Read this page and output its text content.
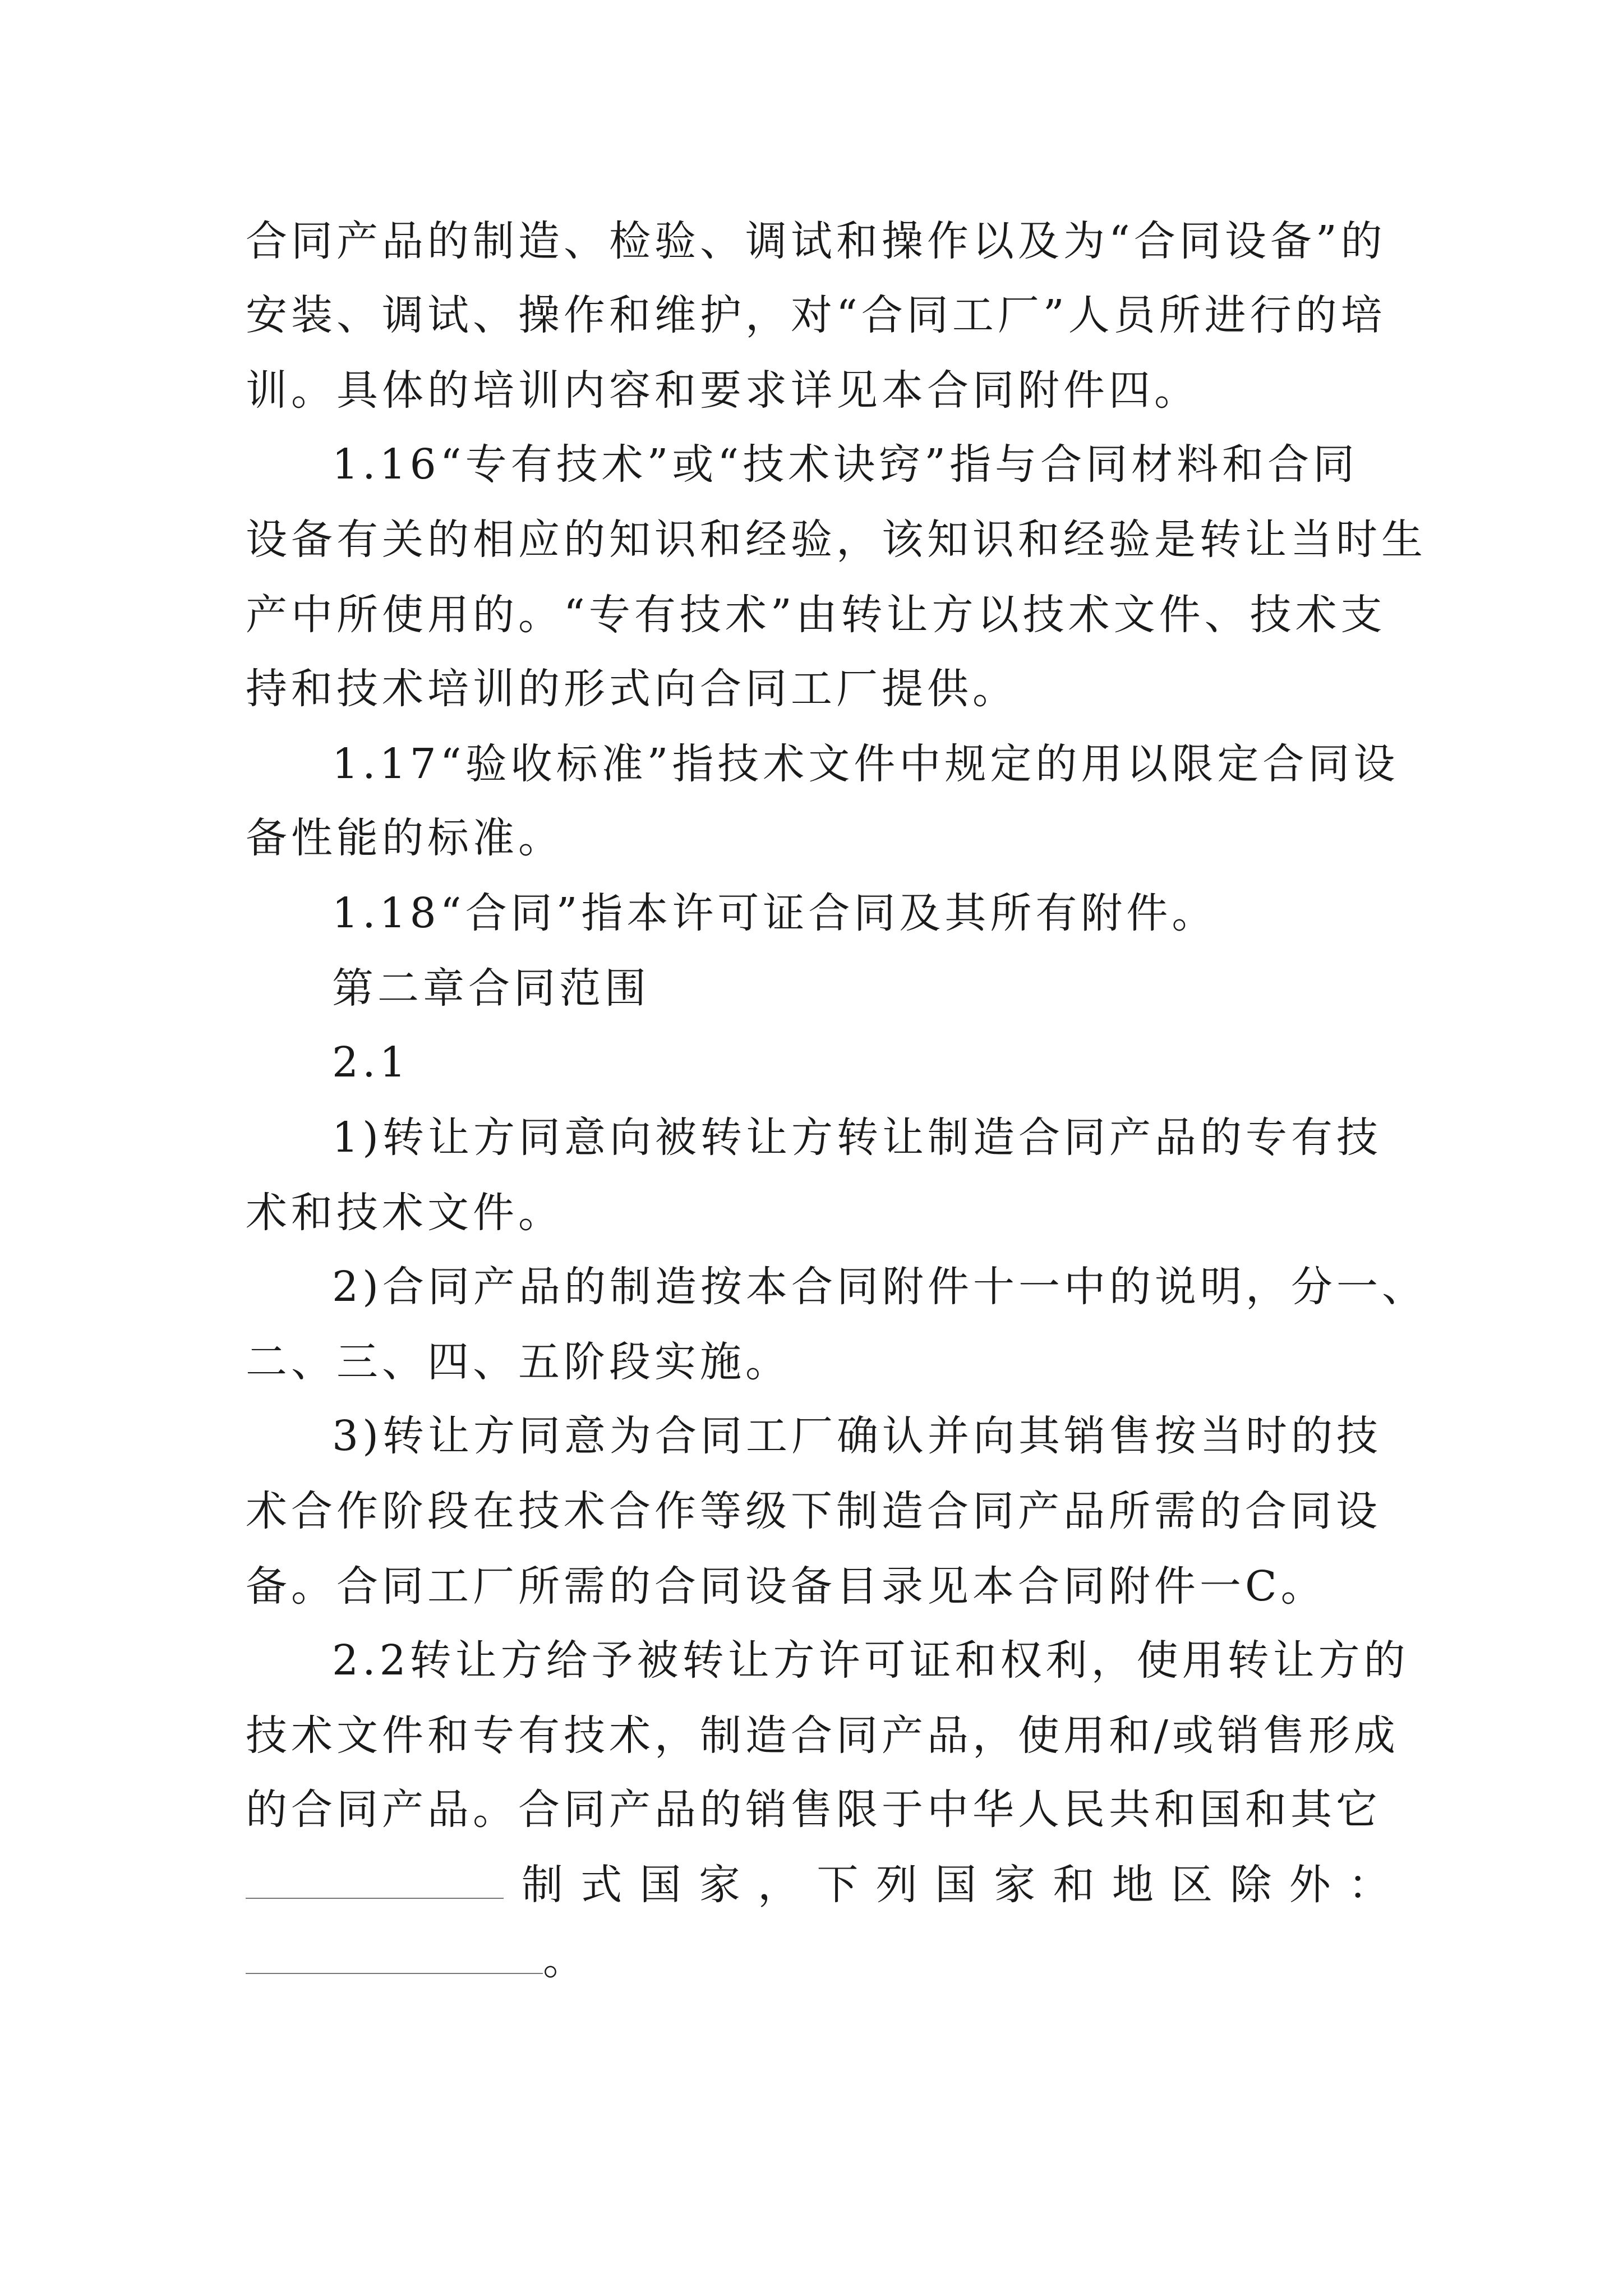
合同产品的制造、检验、调试和操作以及为“合同设备”的
安装、调试、操作和维护，对“合同工厂”人员所进行的培
训。具体的培训内容和要求详见本合同附件四。
1.16“专有技术”或“技术诀窍”指与合同材料和合同
设备有关的相应的知识和经验，该知识和经验是转让当时生
产中所使用的。“专有技术”由转让方以技术文件、技术支
持和技术培训的形式向合同工厂提供。
1.17“验收标准”指技术文件中规定的用以限定合同设
备性能的标准。
1.18“合同”指本许可证合同及其所有附件。
第二章合同范围
2.1
1)转让方同意向被转让方转让制造合同产品的专有技
术和技术文件。
2)合同产品的制造按本合同附件十一中的说明，分一、
二、三、四、五阶段实施。
3)转让方同意为合同工厂确认并向其销售按当时的技
术合作阶段在技术合作等级下制造合同产品所需的合同设
备。合同工厂所需的合同设备目录见本合同附件一C。
2.2转让方给予被转让方许可证和权利，使用转让方的
技术文件和专有技术，制造合同产品，使用和/或销售形成
的合同产品。合同产品的销售限于中华人民共和国和其它
制 式 国 家 ， 下 列 国 家 和 地 区 除 外 ：
。
